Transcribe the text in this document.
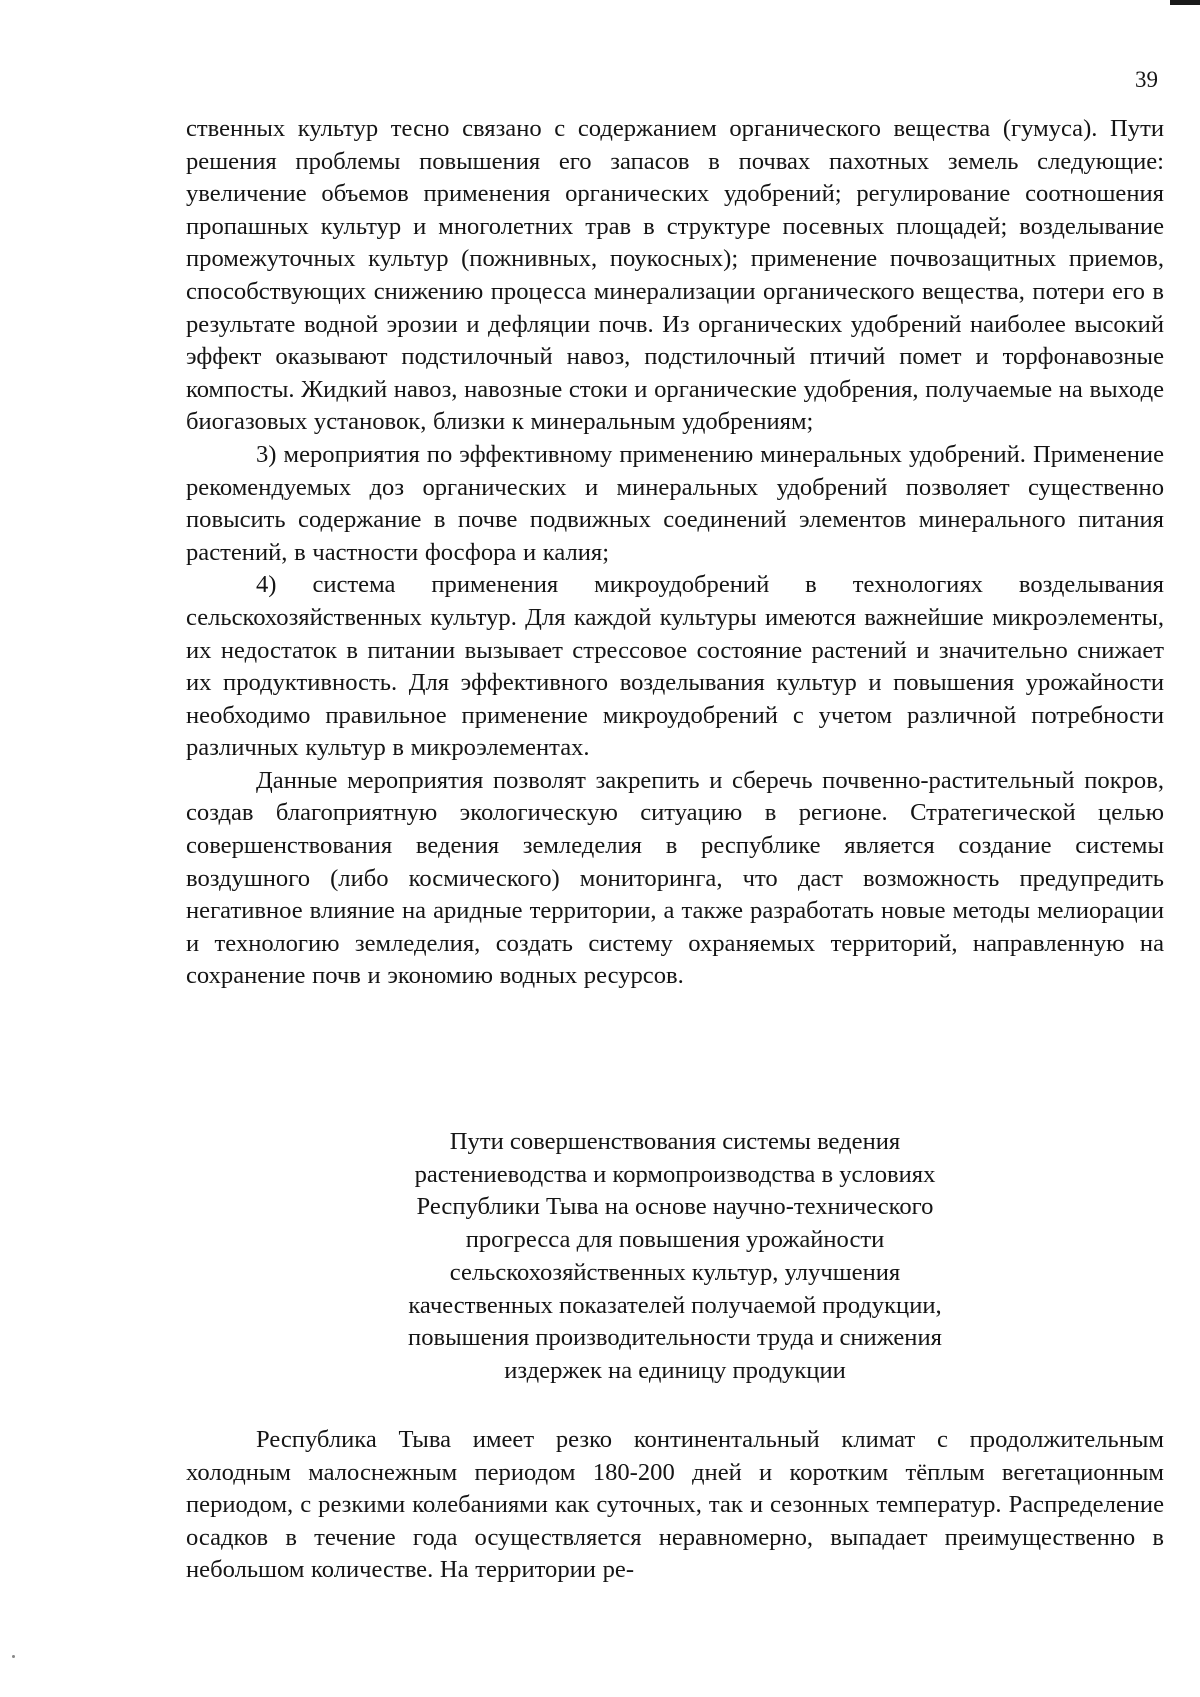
39

ственных культур тесно связано с содержанием органического вещества (гумуса). Пути решения проблемы повышения его запасов в почвах пахотных земель следующие: увеличение объемов применения органических удобрений; регулирование соотношения пропашных культур и многолетних трав в структуре посевных площадей; возделывание промежуточных культур (пожнивных, поукосных); применение почвозащитных приемов, способствующих снижению процесса минерализации органического вещества, потери его в результате водной эрозии и дефляции почв. Из органических удобрений наиболее высокий эффект оказывают подстилочный навоз, подстилочный птичий помет и торфонавозные компосты. Жидкий навоз, навозные стоки и органические удобрения, получаемые на выходе биогазовых установок, близки к минеральным удобрениям;

3) мероприятия по эффективному применению минеральных удобрений. Применение рекомендуемых доз органических и минеральных удобрений позволяет существенно повысить содержание в почве подвижных соединений элементов минерального питания растений, в частности фосфора и калия;

4) система применения микроудобрений в технологиях возделывания сельскохозяйственных культур. Для каждой культуры имеются важнейшие микроэлементы, их недостаток в питании вызывает стрессовое состояние растений и значительно снижает их продуктивность. Для эффективного возделывания культур и повышения урожайности необходимо правильное применение микроудобрений с учетом различной потребности различных культур в микроэлементах.

Данные мероприятия позволят закрепить и сберечь почвенно-растительный покров, создав благоприятную экологическую ситуацию в регионе. Стратегической целью совершенствования ведения земледелия в республике является создание системы воздушного (либо космического) мониторинга, что даст возможность предупредить негативное влияние на аридные территории, а также разработать новые методы мелиорации и технологию земледелия, создать систему охраняемых территорий, направленную на сохранение почв и экономию водных ресурсов.

Пути совершенствования системы ведения
растениеводства и кормопроизводства в условиях
Республики Тыва на основе научно-технического
прогресса для повышения урожайности
сельскохозяйственных культур, улучшения
качественных показателей получаемой продукции,
повышения производительности труда и снижения
издержек на единицу продукции

Республика Тыва имеет резко континентальный климат с продолжительным холодным малоснежным периодом 180-200 дней и коротким тёплым вегетационным периодом, с резкими колебаниями как суточных, так и сезонных температур. Распределение осадков в течение года осуществляется неравномерно, выпадает преимущественно в небольшом количестве. На территории ре-
